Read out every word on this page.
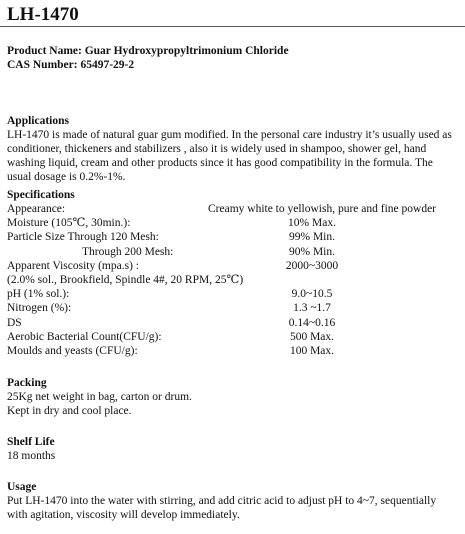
LH-1470
Product Name: Guar Hydroxypropyltrimonium Chloride
CAS Number: 65497-29-2
Applications

LH-1470 is made of natural guar gum modified. In the personal care industry it’s usually used as conditioner, thickeners and stabilizers , also it is widely used in shampoo, shower gel, hand washing liquid, cream and other products since it has good compatibility in the formula. The usual dosage is 0.2%-1%.

Specifications
Appearance:	Creamy white to yellowish, pure and fine powder
Moisture (105℃, 30min.):	10% Max.
Particle Size Through 120 Mesh:	99% Min.
Through 200 Mesh:	90% Min.
Apparent Viscosity (mpa.s) :	2000~3000
(2.0% sol., Brookfield, Spindle 4#, 20 RPM, 25℃)
pH (1% sol.):	9.0~10.5
Nitrogen (%):	1.3 ~1.7
DS	0.14~0.16
Aerobic Bacterial Count(CFU/g):	500 Max.
Moulds and yeasts (CFU/g):	100 Max.
Packing
25Kg net weight in bag, carton or drum.
Kept in dry and cool place.
Shelf Life
18 months
Usage

Put LH-1470 into the water with stirring, and add citric acid to adjust pH to 4~7, sequentially with agitation, viscosity will develop immediately.
